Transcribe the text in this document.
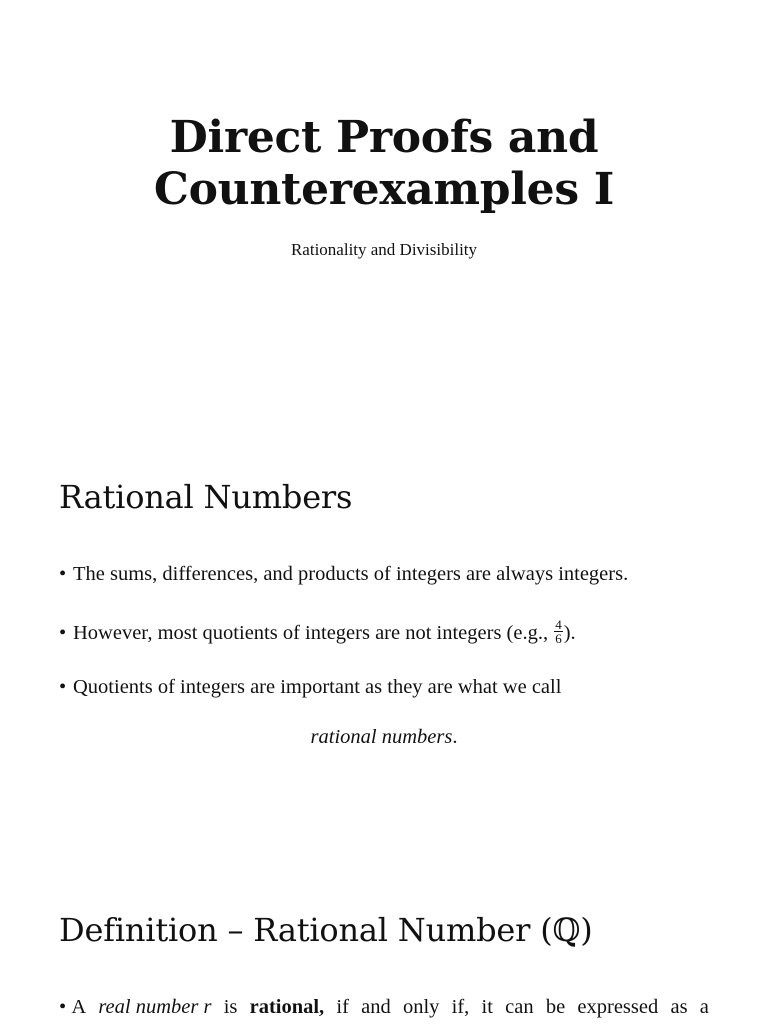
Direct Proofs and
Counterexamples I

Rationality and Divisibility

Rational Numbers
• The sums, differences, and products of integers are always integers.
• However, most quotients of integers are not integers (e.g., $\frac{4}{6}$ ).
• Quotients of integers are important as they are what we call
rational numbers.
Definition – Rational Number (ℚ)
• A real number r is rational, if and only if, it can be expressed as a
